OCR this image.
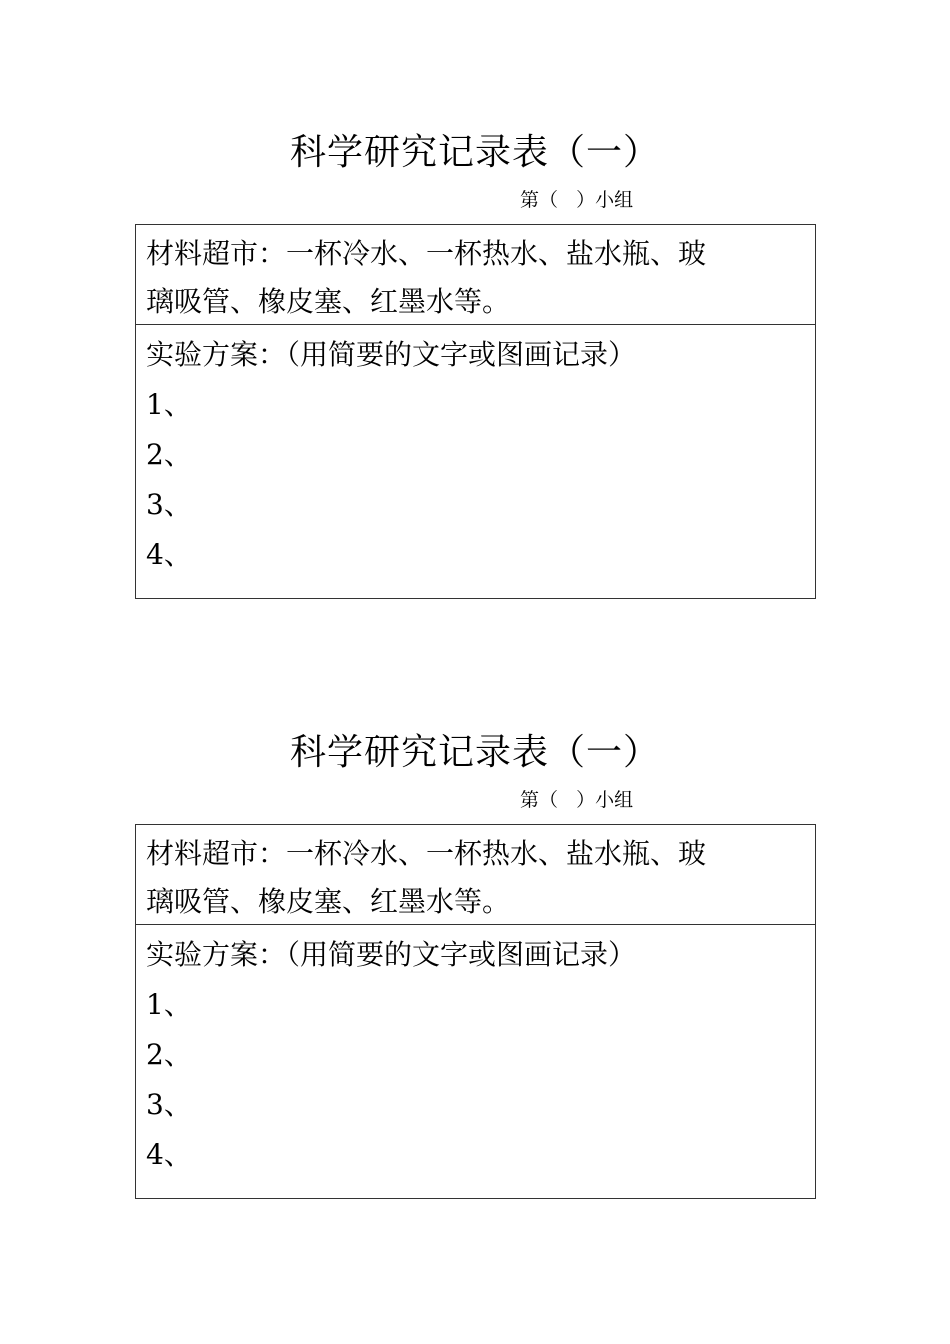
科学研究记录表（一）
第（   ）小组

材料超市：一杯冷水、一杯热水、盐水瓶、玻

璃吸管、橡皮塞、红墨水等。

实验方案：（用简要的文字或图画记录）

1、

2、

3、

4、

科学研究记录表（一）
第（   ）小组

材料超市：一杯冷水、一杯热水、盐水瓶、玻

璃吸管、橡皮塞、红墨水等。

实验方案：（用简要的文字或图画记录）

1、

2、

3、

4、
